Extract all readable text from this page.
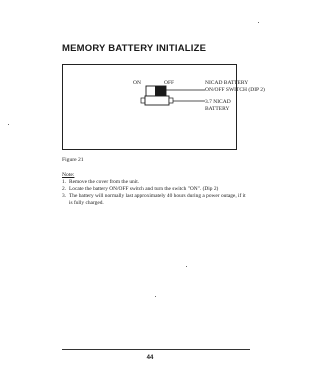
MEMORY BATTERY INITIALIZE
ON	OFF	NICAD BATTERY
ON/OFF SWITCH (DIP 2)
3.7 NICAD
BATTERY
Figure 21
Note:
1. Remove the cover from the unit.
2. Locate the battery ON/OFF switch and turn the switch "ON". (Dip 2)
3. The battery will normally last approximately 40 hours during a power outage, if it is fully charged.
44
